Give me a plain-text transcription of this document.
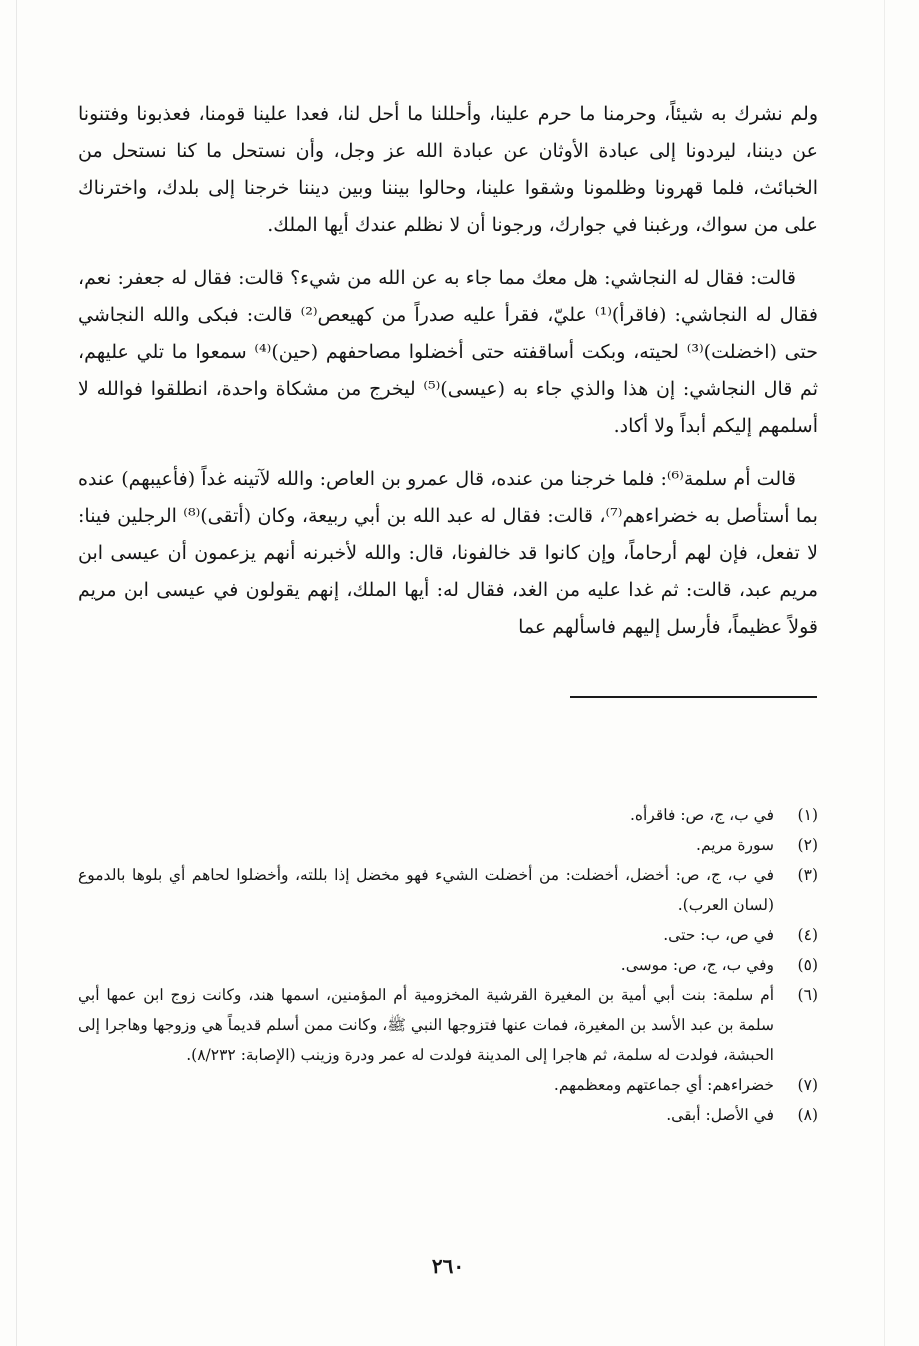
ولم نشرك به شيئاً، وحرمنا ما حرم علينا، وأحللنا ما أحل لنا، فعدا علينا قومنا، فعذبونا وفتنونا عن ديننا، ليردونا إلى عبادة الأوثان عن عبادة الله عز وجل، وأن نستحل ما كنا نستحل من الخبائث، فلما قهرونا وظلمونا وشقوا علينا، وحالوا بيننا وبين ديننا خرجنا إلى بلدك، واخترناك على من سواك، ورغبنا في جوارك، ورجونا أن لا نظلم عندك أيها الملك.

قالت: فقال له النجاشي: هل معك مما جاء به عن الله من شيء؟ قالت: فقال له جعفر: نعم، فقال له النجاشي: (فاقرأ)⁽¹⁾ عليّ، فقرأ عليه صدراً من كهيعص⁽²⁾ قالت: فبكى والله النجاشي حتى (اخضلت)⁽³⁾ لحيته، وبكت أساقفته حتى أخضلوا مصاحفهم (حين)⁽⁴⁾ سمعوا ما تلي عليهم، ثم قال النجاشي: إن هذا والذي جاء به (عيسى)⁽⁵⁾ ليخرج من مشكاة واحدة، انطلقوا فوالله لا أسلمهم إليكم أبداً ولا أكاد.

قالت أم سلمة⁽⁶⁾: فلما خرجنا من عنده، قال عمرو بن العاص: والله لآتينه غداً (فأعيبهم) عنده بما أستأصل به خضراءهم⁽⁷⁾، قالت: فقال له عبد الله بن أبي ربيعة، وكان (أتقى)⁽⁸⁾ الرجلين فينا: لا تفعل، فإن لهم أرحاماً، وإن كانوا قد خالفونا، قال: والله لأخبرنه أنهم يزعمون أن عيسى ابن مريم عبد، قالت: ثم غدا عليه من الغد، فقال له: أيها الملك، إنهم يقولون في عيسى ابن مريم قولاً عظيماً، فأرسل إليهم فاسألهم عما

(١)
في ب، ج، ص: فاقرأه.
(٢)
سورة مريم.
(٣)
في ب، ج، ص: أخضل، أخضلت: من أخضلت الشيء فهو مخضل إذا بللته، وأخضلوا لحاهم أي بلوها بالدموع (لسان العرب).
(٤)
في ص، ب: حتى.
(٥)
وفي ب، ج، ص: موسى.
(٦)
أم سلمة: بنت أبي أمية بن المغيرة القرشية المخزومية أم المؤمنين، اسمها هند، وكانت زوج ابن عمها أبي سلمة بن عبد الأسد بن المغيرة، فمات عنها فتزوجها النبي ﷺ، وكانت ممن أسلم قديماً هي وزوجها وهاجرا إلى الحبشة، فولدت له سلمة، ثم هاجرا إلى المدينة فولدت له عمر ودرة وزينب (الإصابة: ٨/٢٣٢).
(٧)
خضراءهم: أي جماعتهم ومعظمهم.
(٨)
في الأصل: أبقى.
٢٦٠
